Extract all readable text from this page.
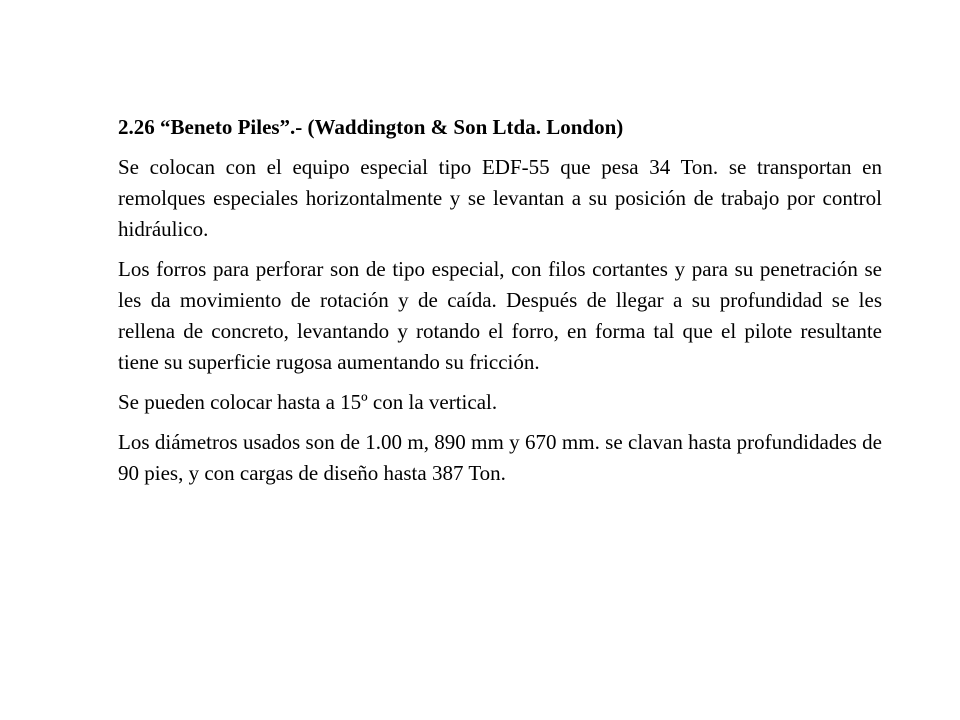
2.26 “Beneto Piles”.- (Waddington & Son Ltda. London)

Se colocan con el equipo especial tipo EDF-55 que pesa 34 Ton. se transportan en remolques especiales horizontalmente y se levantan a su posición de trabajo por control hidráulico.

Los forros para perforar son de tipo especial, con filos cortantes y para su penetración se les da movimiento de rotación y de caída. Después de llegar a su profundidad se les rellena de concreto, levantando y rotando el forro, en forma tal que el pilote resultante tiene su superficie rugosa aumentando su fricción.

Se pueden colocar hasta a 15º con la vertical.

Los diámetros usados son de 1.00 m, 890 mm y 670 mm. se clavan hasta profundidades de 90 pies, y con cargas de diseño hasta 387 Ton.
